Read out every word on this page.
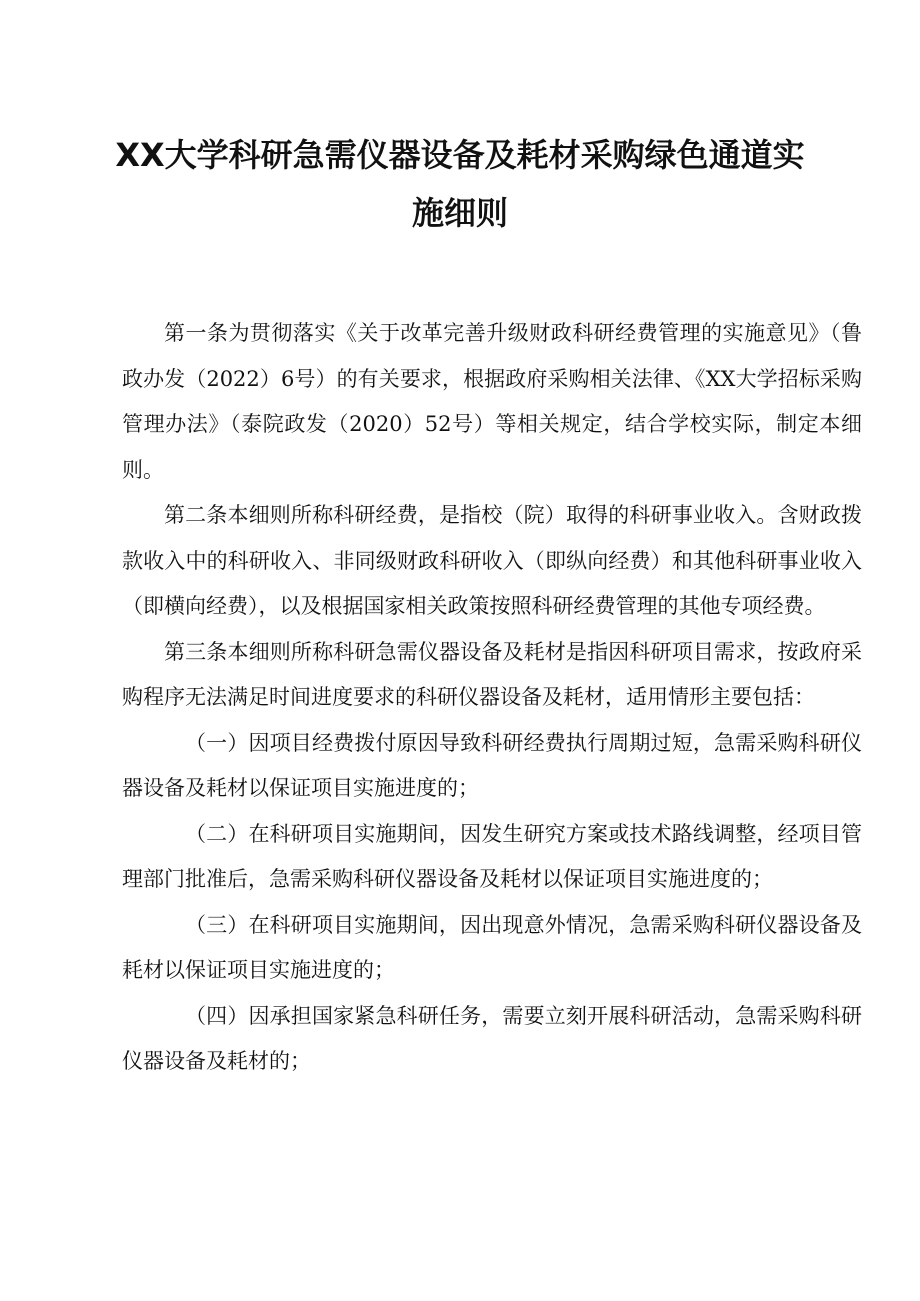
XX大学科研急需仪器设备及耗材采购绿色通道实施细则

第一条为贯彻落实《关于改革完善升级财政科研经费管理的实施意见》（鲁政办发（2022）6号）的有关要求，根据政府采购相关法律、《XX大学招标采购管理办法》（泰院政发（2020）52号）等相关规定，结合学校实际，制定本细则。

第二条本细则所称科研经费，是指校（院）取得的科研事业收入。含财政拨款收入中的科研收入、非同级财政科研收入（即纵向经费）和其他科研事业收入（即横向经费），以及根据国家相关政策按照科研经费管理的其他专项经费。

第三条本细则所称科研急需仪器设备及耗材是指因科研项目需求，按政府采购程序无法满足时间进度要求的科研仪器设备及耗材，适用情形主要包括：

（一）因项目经费拨付原因导致科研经费执行周期过短，急需采购科研仪器设备及耗材以保证项目实施进度的；

（二）在科研项目实施期间，因发生研究方案或技术路线调整，经项目管理部门批准后，急需采购科研仪器设备及耗材以保证项目实施进度的；

（三）在科研项目实施期间，因出现意外情况，急需采购科研仪器设备及耗材以保证项目实施进度的；

（四）因承担国家紧急科研任务，需要立刻开展科研活动，急需采购科研仪器设备及耗材的；
